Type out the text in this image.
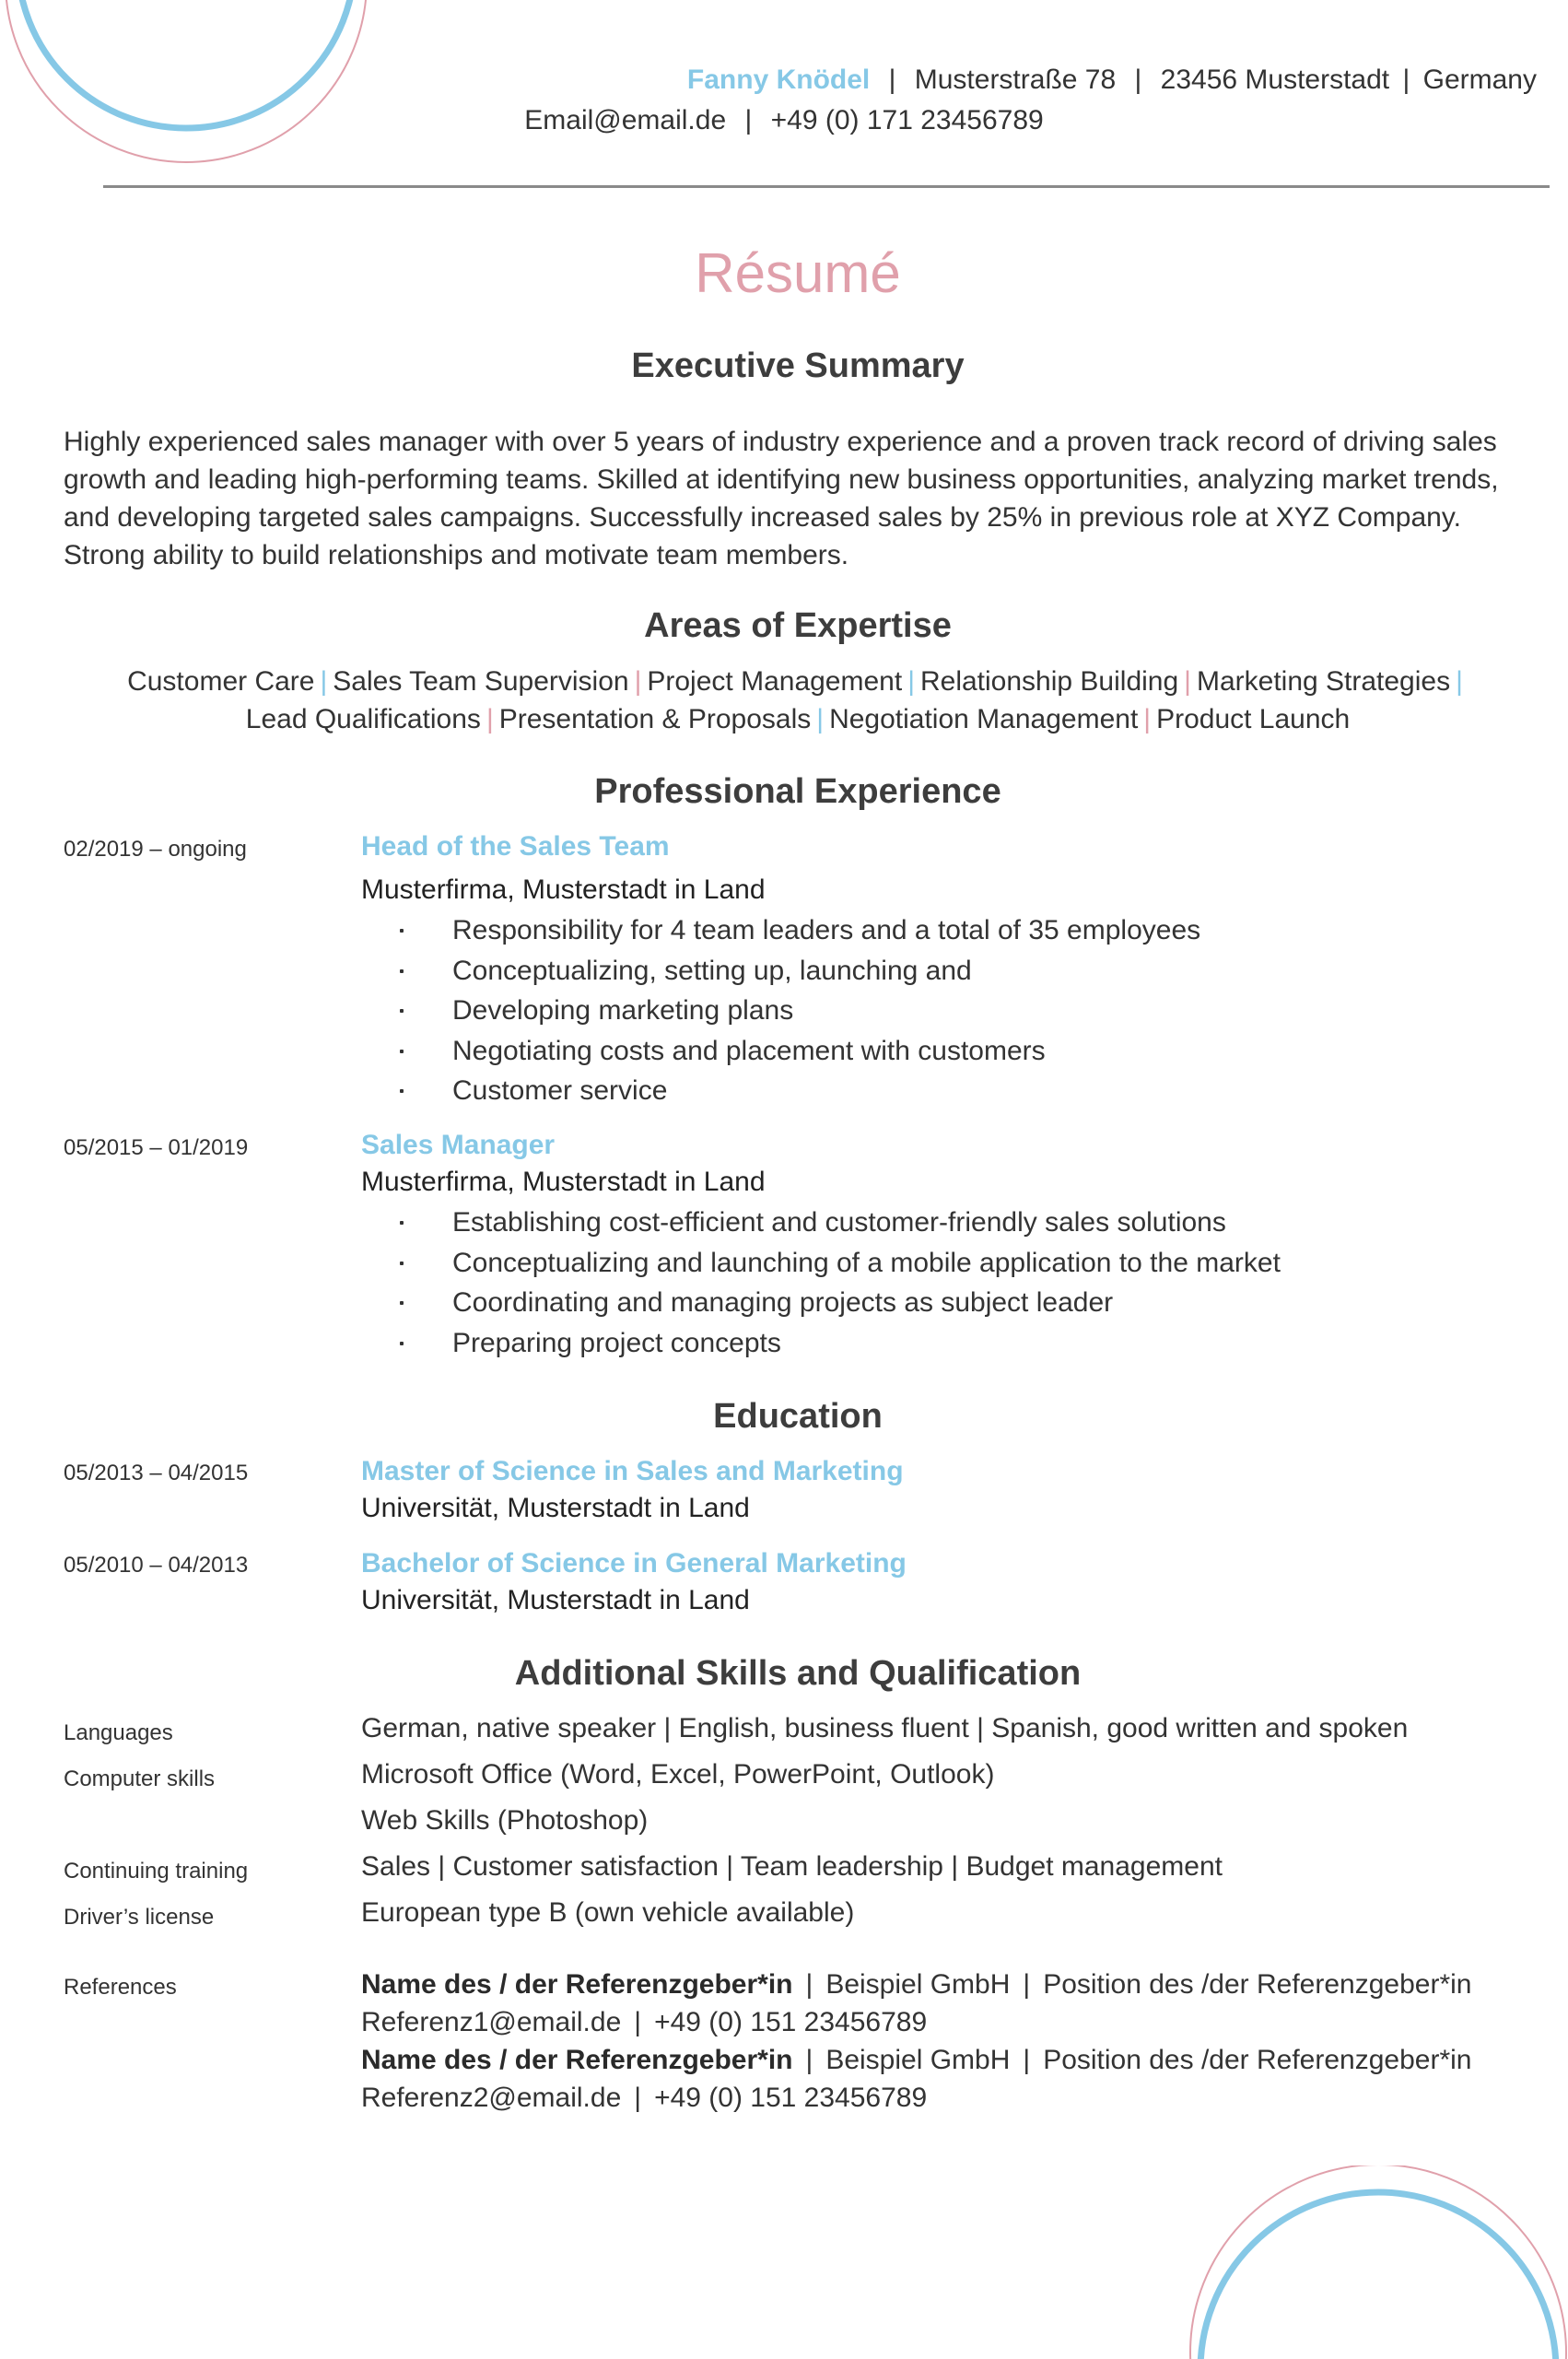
Fanny Knödel | Musterstraße 78 | 23456 Musterstadt | Germany
Email@email.de | +49 (0) 171 23456789
Résumé
Executive Summary
Highly experienced sales manager with over 5 years of industry experience and a proven track record of driving sales growth and leading high-performing teams. Skilled at identifying new business opportunities, analyzing market trends, and developing targeted sales campaigns. Successfully increased sales by 25% in previous role at XYZ Company. Strong ability to build relationships and motivate team members.
Areas of Expertise
Customer Care | Sales Team Supervision | Project Management | Relationship Building | Marketing Strategies |
Lead Qualifications | Presentation & Proposals | Negotiation Management | Product Launch
Professional Experience
02/2019 – ongoing	Head of the Sales Team
Musterfirma, Musterstadt in Land
Responsibility for 4 team leaders and a total of 35 employees
Conceptualizing, setting up, launching and
Developing marketing plans
Negotiating costs and placement with customers
Customer service
05/2015 – 01/2019	Sales Manager
Musterfirma, Musterstadt in Land
Establishing cost-efficient and customer-friendly sales solutions
Conceptualizing and launching of a mobile application to the market
Coordinating and managing projects as subject leader
Preparing project concepts
Education
05/2013 – 04/2015	Master of Science in Sales and Marketing
Universität, Musterstadt in Land
05/2010 – 04/2013	Bachelor of Science in General Marketing
Universität, Musterstadt in Land
Additional Skills and Qualification
Languages	German, native speaker | English, business fluent | Spanish, good written and spoken
Computer skills	Microsoft Office (Word, Excel, PowerPoint, Outlook)
Web Skills (Photoshop)
Continuing training	Sales | Customer satisfaction | Team leadership | Budget management
Driver’s license	European type B (own vehicle available)
References	Name des / der Referenzgeber*in | Beispiel GmbH | Position des /der Referenzgeber*in
Referenz1@email.de | +49 (0) 151 23456789
Name des / der Referenzgeber*in | Beispiel GmbH | Position des /der Referenzgeber*in
Referenz2@email.de | +49 (0) 151 23456789
